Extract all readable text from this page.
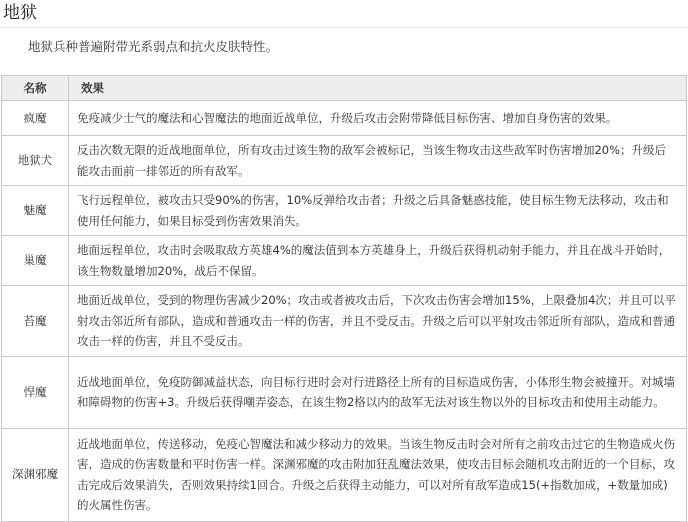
地狱
地狱兵种普遍附带光系弱点和抗火皮肤特性。
名称	效果
疯魔	免疫减少士气的魔法和心智魔法的地面近战单位，升级后攻击会附带降低目标伤害、增加自身伤害的效果。
地狱犬	反击次数无限的近战地面单位，所有攻击过该生物的敌军会被标记，当该生物攻击这些敌军时伤害增加20%；升级后能攻击面前一排邻近的所有敌军。
魅魔	飞行远程单位，被攻击只受90%的伤害，10%反弹给攻击者；升级之后具备魅惑技能，使目标生物无法移动，攻击和使用任何能力，如果目标受到伤害效果消失。
巢魔	地面远程单位，攻击时会吸取敌方英雄4%的魔法值到本方英雄身上，升级后获得机动射手能力，并且在战斗开始时，该生物数量增加20%，战后不保留。
苔魔	地面近战单位，受到的物理伤害减少20%；攻击或者被攻击后，下次攻击伤害会增加15%，上限叠加4次；并且可以平射攻击邻近所有部队，造成和普通攻击一样的伤害，并且不受反击。升级之后可以平射攻击邻近所有部队，造成和普通攻击一样的伤害，并且不受反击。
悍魔	近战地面单位，免疫防御减益状态，向目标行进时会对行进路径上所有的目标造成伤害，小体形生物会被撞开。对城墙和障碍物的伤害+3。升级后获得嘲弄姿态，在该生物2格以内的敌军无法对该生物以外的目标攻击和使用主动能力。
深渊邪魔	近战地面单位，传送移动，免疫心智魔法和减少移动力的效果。当该生物反击时会对所有之前攻击过它的生物造成火伤害，造成的伤害数量和平时伤害一样。深渊邪魔的攻击附加狂乱魔法效果，使攻击目标会随机攻击附近的一个目标，攻击完成后效果消失，否则效果持续1回合。升级之后获得主动能力，可以对所有敌军造成15(+指数加成，+数量加成)的火属性伤害。
